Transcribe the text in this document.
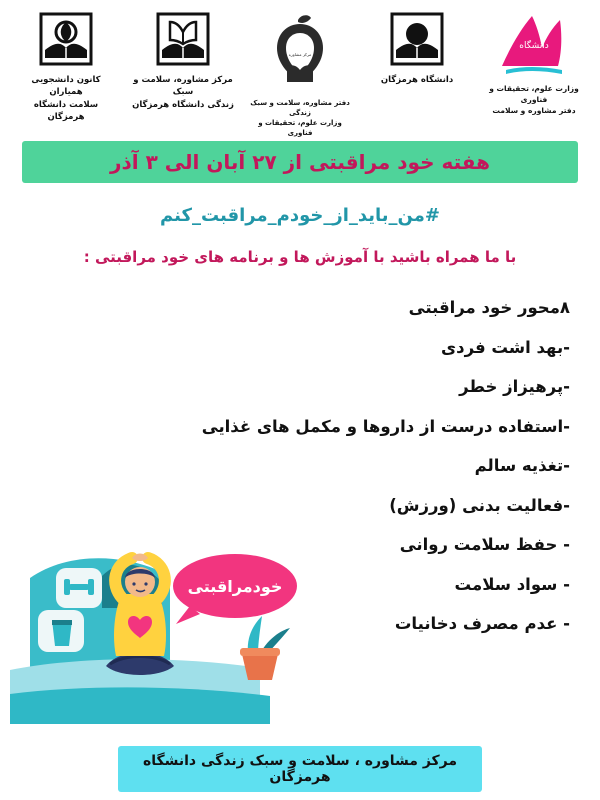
کانون دانشجویی همیاران
سلامت دانشگاه هرمزگان
مرکز مشاوره، سلامت و سبک
زندگی دانشگاه هرمزگان
مرکز مشاوره
دفتر مشاوره، سلامت و سبک زندگی
وزارت علوم، تحقیقات و فناوری
دانشگاه هرمزگان
دانشگاه
وزارت علوم، تحقیقات و فناوری
دفتر مشاوره و سلامت
هفته خود مراقبتی از ۲۷ آبان الی ۳ آذر
#من_باید_از_خودم_مراقبت_کنم
با ما همراه باشید با آموزش ها و برنامه های خود مراقبتی :
۸محور خود مراقبتی
-بهد اشت فردی
-پرهیزاز خطر
-استفاده درست از داروها و مکمل های غذایی
-تغذیه سالم
-فعالیت بدنی (ورزش)
- حفظ سلامت روانی
- سواد سلامت
- عدم مصرف دخانیات
خودمراقبتی
مرکز مشاوره ، سلامت و سبک زندگی دانشگاه هرمزگان
